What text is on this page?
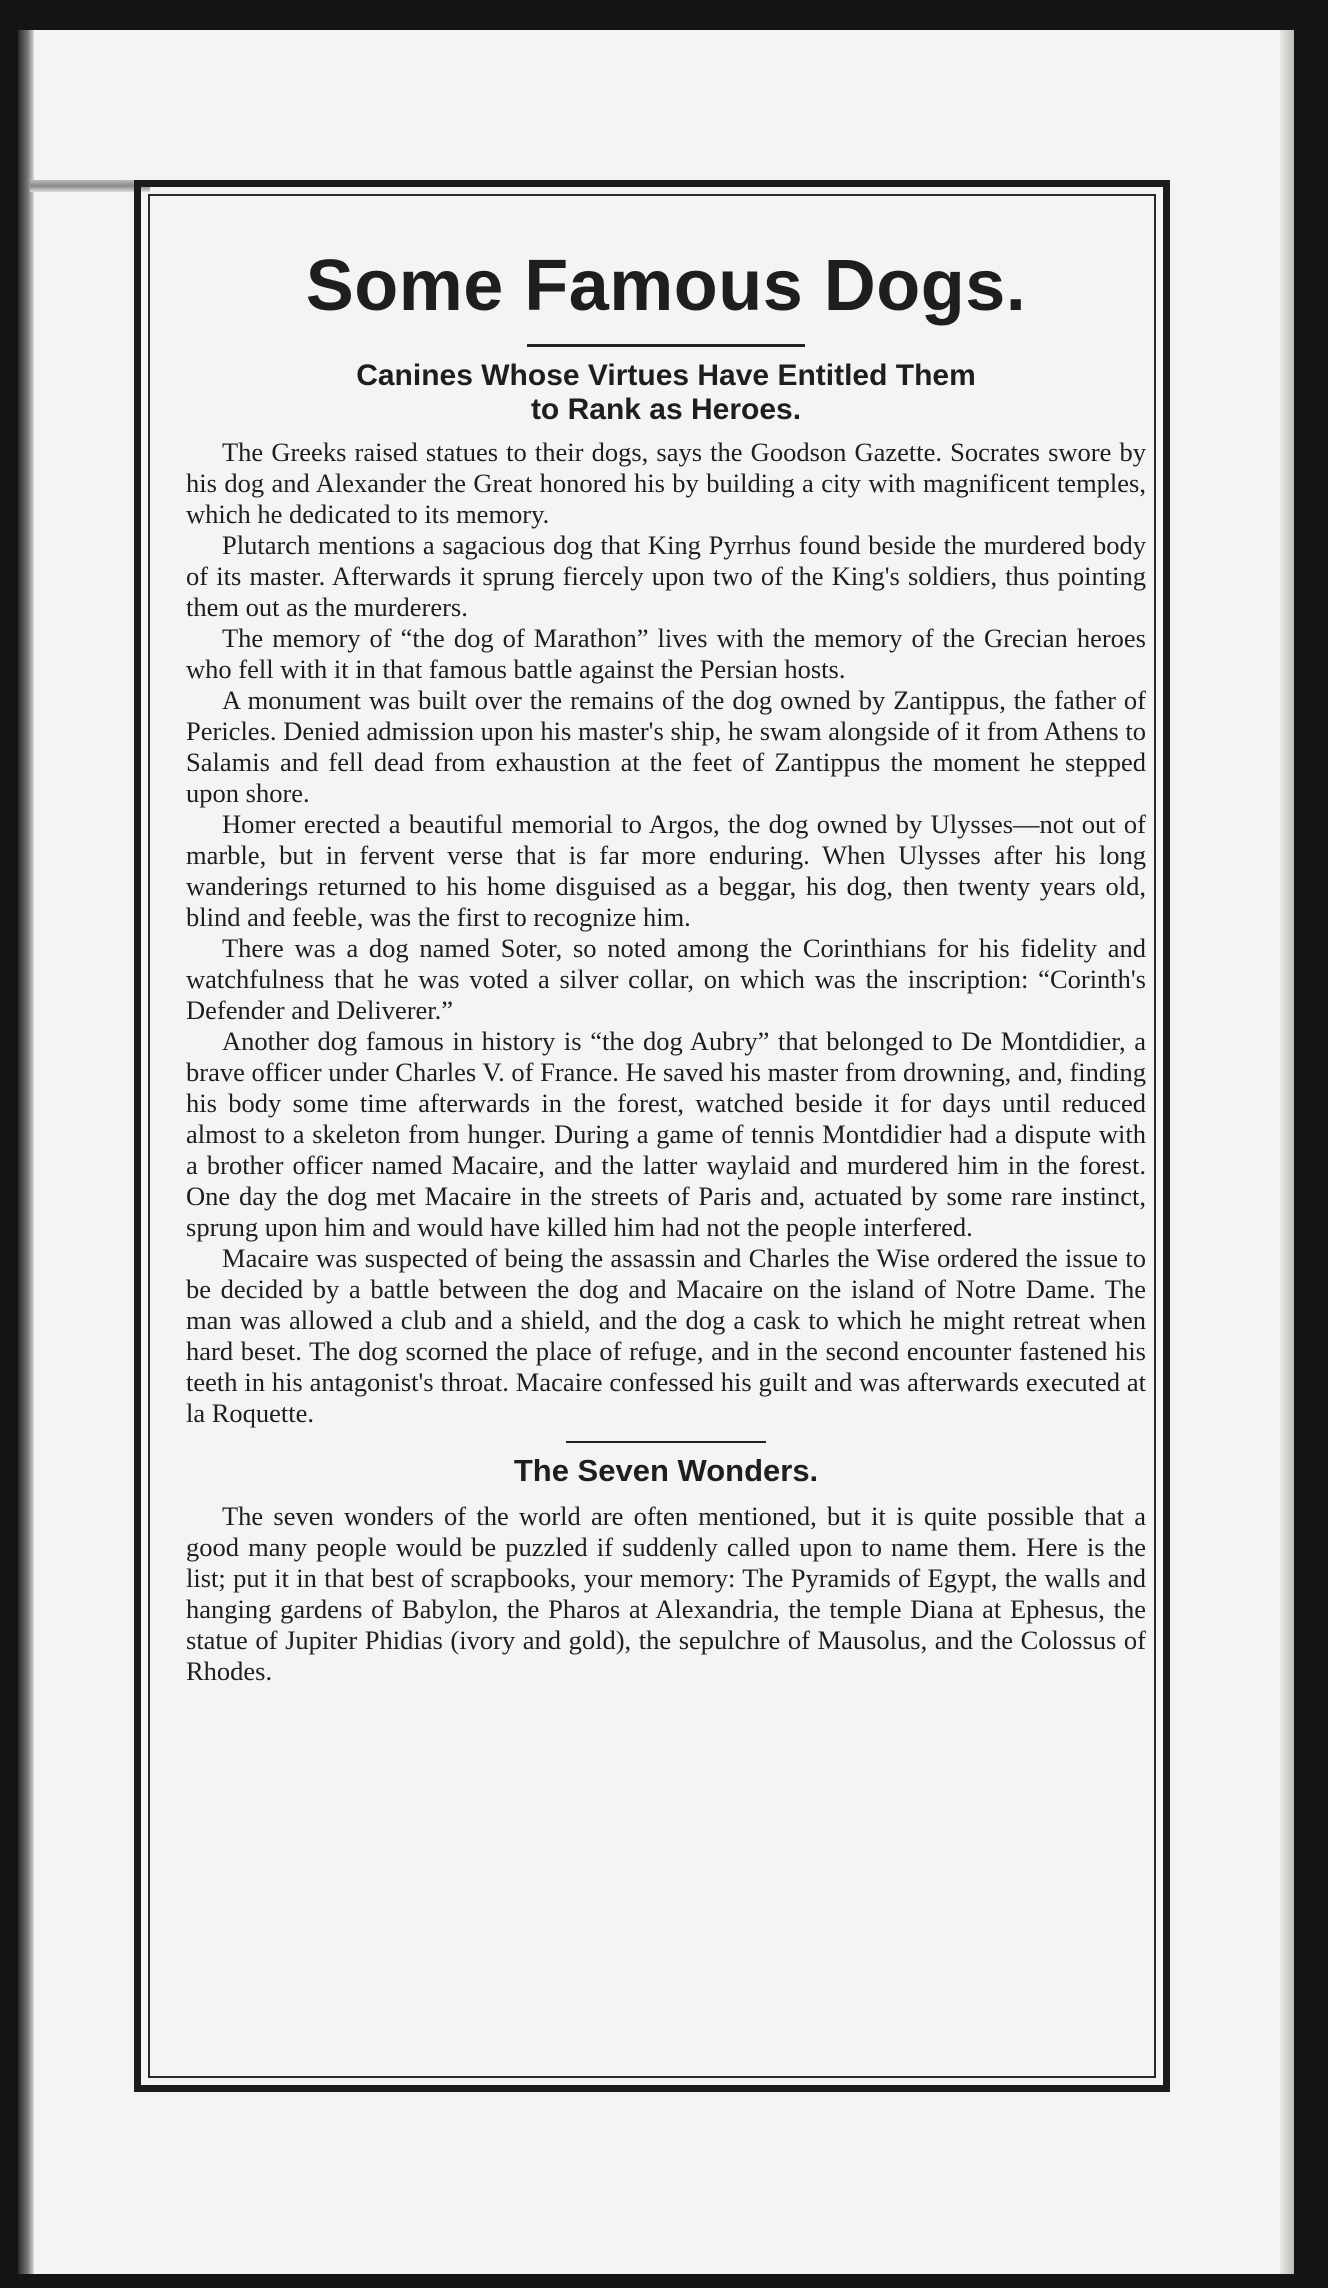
Some Famous Dogs.
Canines Whose Virtues Have Entitled Them
to Rank as Heroes.

The Greeks raised statues to their dogs, says the Goodson Gazette. Socrates swore by his dog and Alexander the Great honored his by building a city with magnificent temples, which he dedicated to its memory.

Plutarch mentions a sagacious dog that King Pyrrhus found beside the murdered body of its master. Afterwards it sprung fiercely upon two of the King's soldiers, thus pointing them out as the murderers.

The memory of “the dog of Marathon” lives with the memory of the Grecian heroes who fell with it in that famous battle against the Persian hosts.

A monument was built over the remains of the dog owned by Zantippus, the father of Pericles. Denied admission upon his master's ship, he swam alongside of it from Athens to Salamis and fell dead from exhaustion at the feet of Zantippus the moment he stepped upon shore.

Homer erected a beautiful memorial to Argos, the dog owned by Ulysses—not out of marble, but in fervent verse that is far more enduring. When Ulysses after his long wanderings returned to his home disguised as a beggar, his dog, then twenty years old, blind and feeble, was the first to recognize him.

There was a dog named Soter, so noted among the Corinthians for his fidelity and watchfulness that he was voted a silver collar, on which was the inscription: “Corinth's Defender and Deliverer.”

Another dog famous in history is “the dog Aubry” that belonged to De Montdidier, a brave officer under Charles V. of France. He saved his master from drowning, and, finding his body some time afterwards in the forest, watched beside it for days until reduced almost to a skeleton from hunger. During a game of tennis Montdidier had a dispute with a brother officer named Macaire, and the latter waylaid and murdered him in the forest. One day the dog met Macaire in the streets of Paris and, actuated by some rare instinct, sprung upon him and would have killed him had not the people interfered.

Macaire was suspected of being the assassin and Charles the Wise ordered the issue to be decided by a battle between the dog and Macaire on the island of Notre Dame. The man was allowed a club and a shield, and the dog a cask to which he might retreat when hard beset. The dog scorned the place of refuge, and in the second encounter fastened his teeth in his antagonist's throat. Macaire confessed his guilt and was afterwards executed at la Roquette.

The Seven Wonders.

The seven wonders of the world are often mentioned, but it is quite possible that a good many people would be puzzled if suddenly called upon to name them. Here is the list; put it in that best of scrapbooks, your memory: The Pyramids of Egypt, the walls and hanging gardens of Babylon, the Pharos at Alexandria, the temple Diana at Ephesus, the statue of Jupiter Phidias (ivory and gold), the sepulchre of Mausolus, and the Colossus of Rhodes.
